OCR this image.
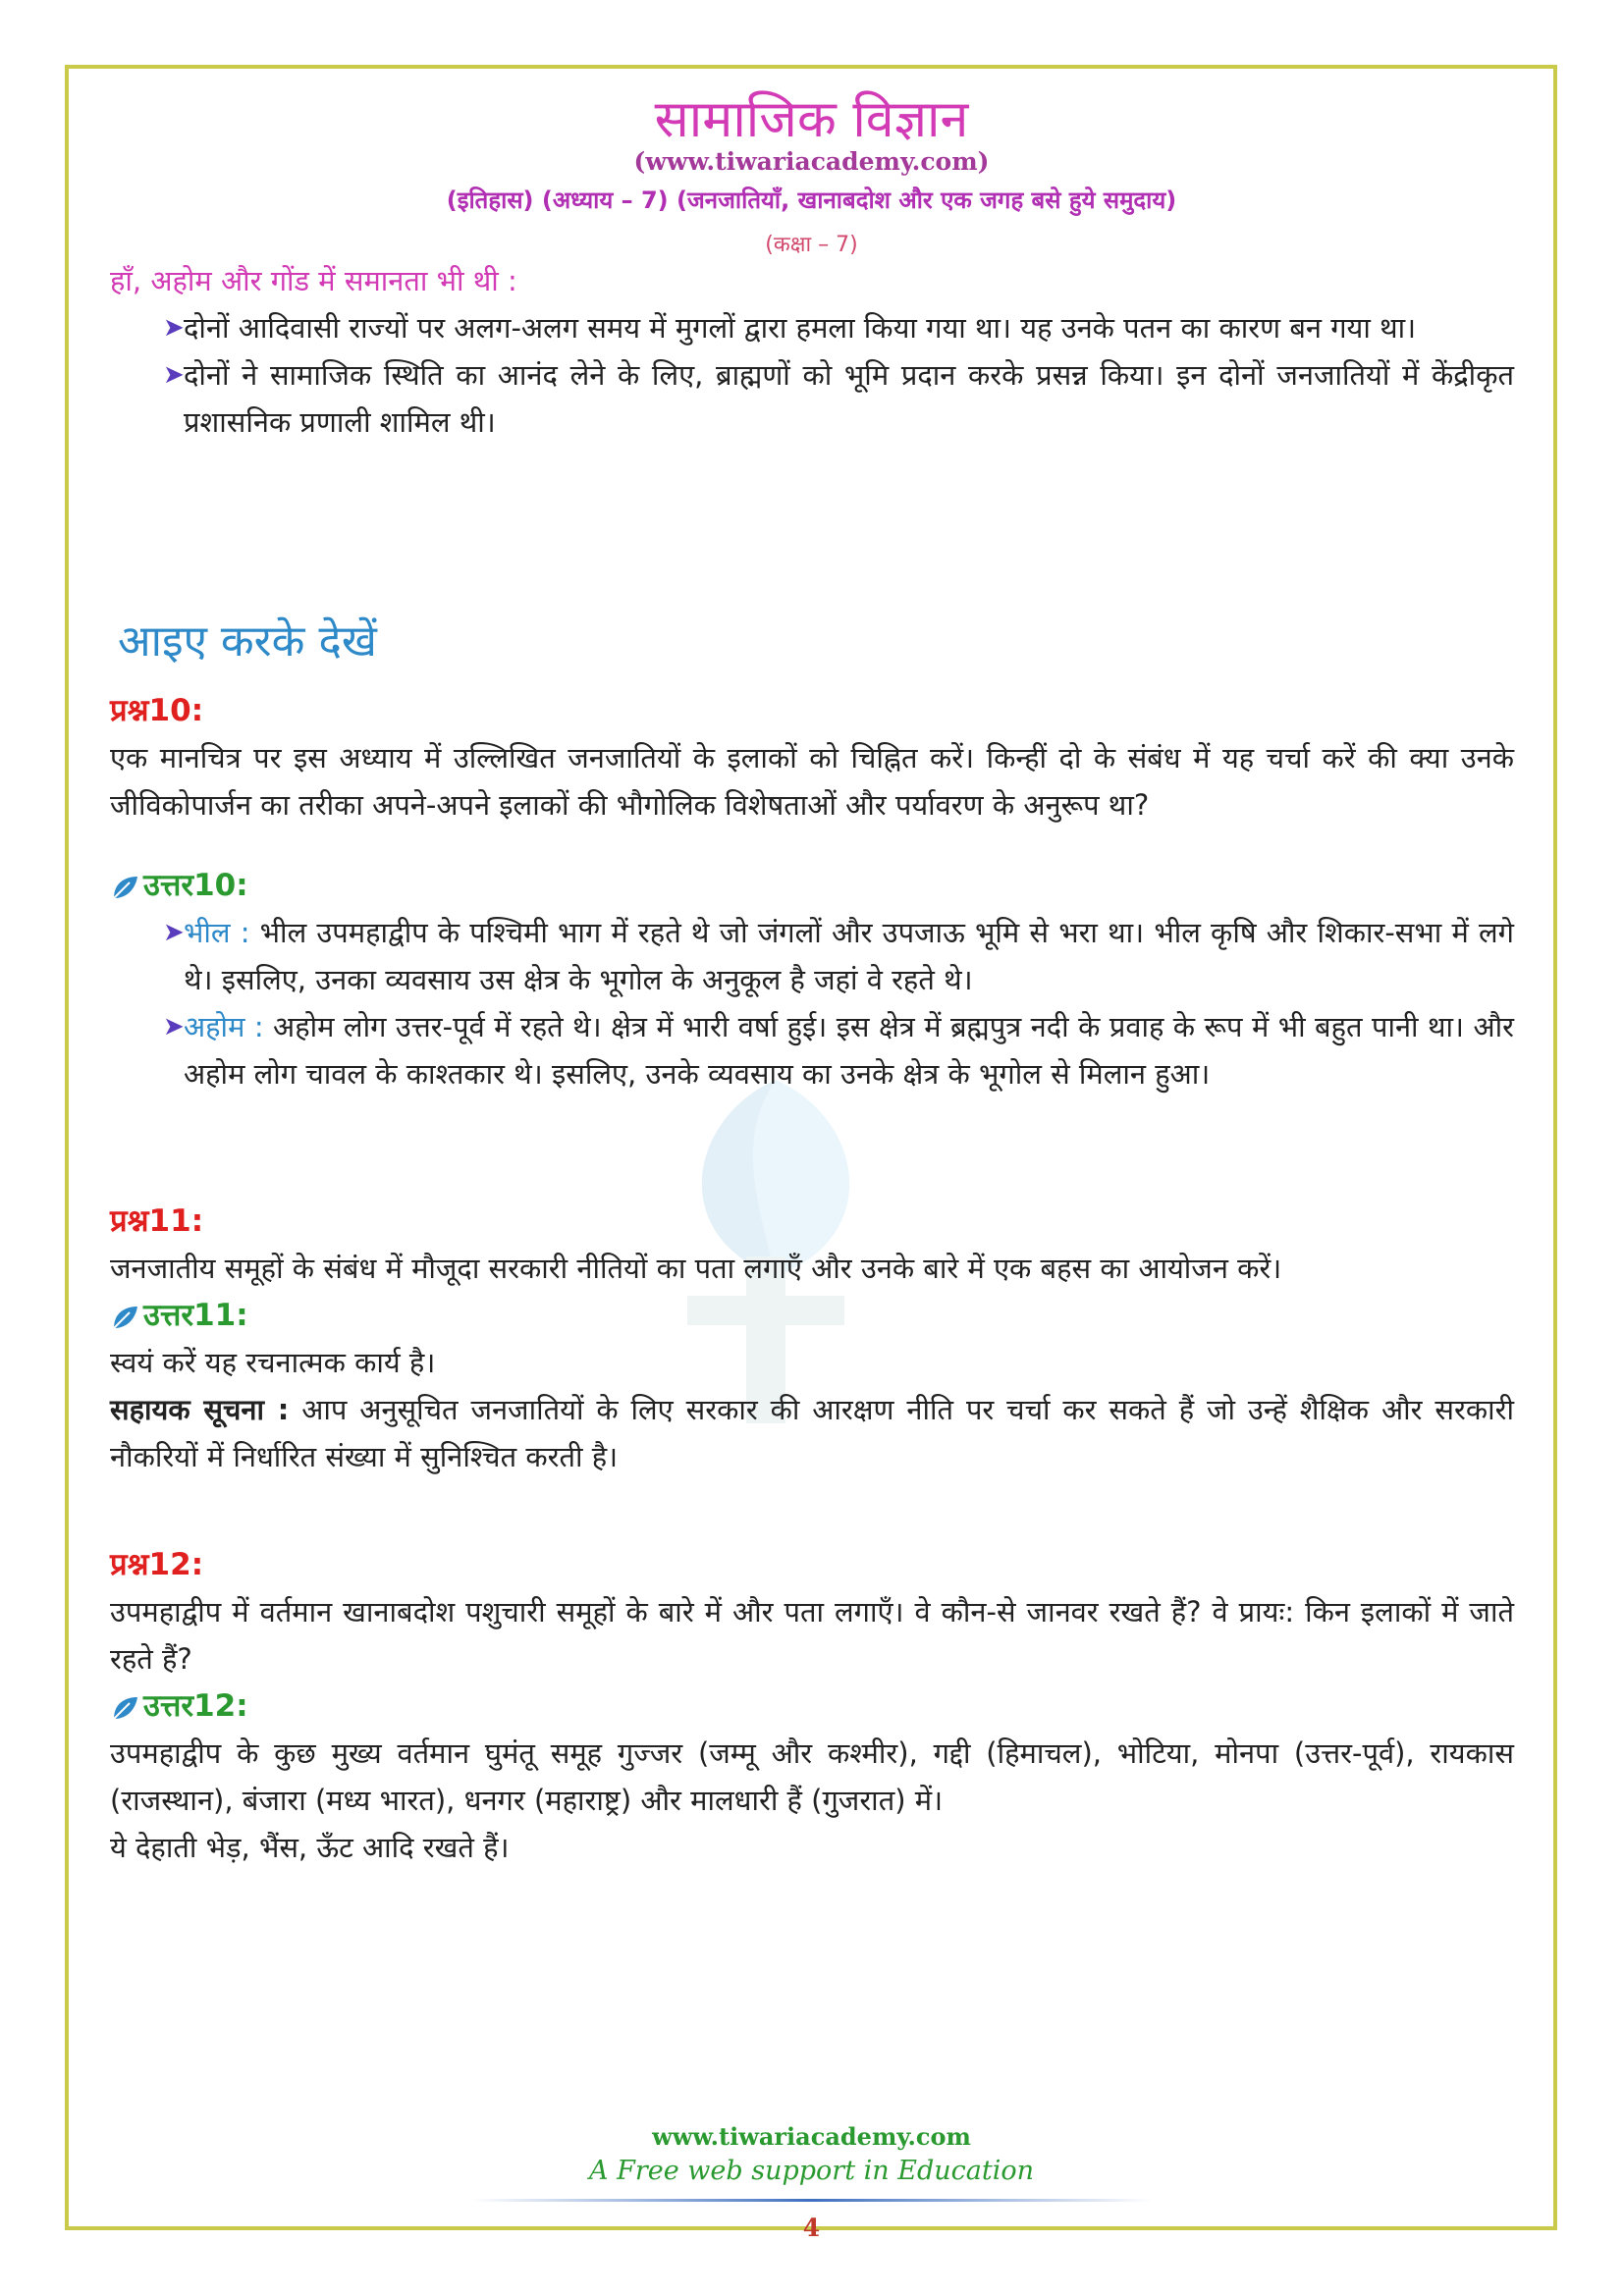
सामाजिक विज्ञान
(www.tiwariacademy.com)
(इतिहास) (अध्याय – 7) (जनजातियाँ, खानाबदोश और एक जगह बसे हुये समुदाय)
(कक्षा – 7)
हाँ, अहोम और गोंड में समानता भी थी :

➤ दोनों आदिवासी राज्यों पर अलग-अलग समय में मुगलों द्वारा हमला किया गया था। यह उनके पतन का कारण बन गया था।

➤ दोनों ने सामाजिक स्थिति का आनंद लेने के लिए, ब्राह्मणों को भूमि प्रदान करके प्रसन्न किया। इन दोनों जनजातियों में केंद्रीकृत प्रशासनिक प्रणाली शामिल थी।

आइए करके देखें
प्रश्न10:
एक मानचित्र पर इस अध्याय में उल्लिखित जनजातियों के इलाकों को चिह्नित करें। किन्हीं दो के संबंध में यह चर्चा करें की क्या उनके जीविकोपार्जन का तरीका अपने-अपने इलाकों की भौगोलिक विशेषताओं और पर्यावरण के अनुरूप था?
उत्तर10:

➤ भील : भील उपमहाद्वीप के पश्चिमी भाग में रहते थे जो जंगलों और उपजाऊ भूमि से भरा था। भील कृषि और शिकार-सभा में लगे थे। इसलिए, उनका व्यवसाय उस क्षेत्र के भूगोल के अनुकूल है जहां वे रहते थे।

➤ अहोम : अहोम लोग उत्तर-पूर्व में रहते थे। क्षेत्र में भारी वर्षा हुई। इस क्षेत्र में ब्रह्मपुत्र नदी के प्रवाह के रूप में भी बहुत पानी था। और अहोम लोग चावल के काश्तकार थे। इसलिए, उनके व्यवसाय का उनके क्षेत्र के भूगोल से मिलान हुआ।

प्रश्न11:
जनजातीय समूहों के संबंध में मौजूदा सरकारी नीतियों का पता लगाएँ और उनके बारे में एक बहस का आयोजन करें।
उत्तर11:
स्वयं करें यह रचनात्मक कार्य है।
सहायक सूचना : आप अनुसूचित जनजातियों के लिए सरकार की आरक्षण नीति पर चर्चा कर सकते हैं जो उन्हें शैक्षिक और सरकारी नौकरियों में निर्धारित संख्या में सुनिश्चित करती है।
प्रश्न12:
उपमहाद्वीप में वर्तमान खानाबदोश पशुचारी समूहों के बारे में और पता लगाएँ। वे कौन-से जानवर रखते हैं? वे प्रायः: किन इलाकों में जाते रहते हैं?
उत्तर12:
उपमहाद्वीप के कुछ मुख्य वर्तमान घुमंतू समूह गुज्जर (जम्मू और कश्मीर), गद्दी (हिमाचल), भोटिया, मोनपा (उत्तर-पूर्व), रायकास (राजस्थान), बंजारा (मध्य भारत), धनगर (महाराष्ट्र) और मालधारी हैं (गुजरात) में।
ये देहाती भेड़, भैंस, ऊँट आदि रखते हैं।
www.tiwariacademy.com
A Free web support in Education
4
